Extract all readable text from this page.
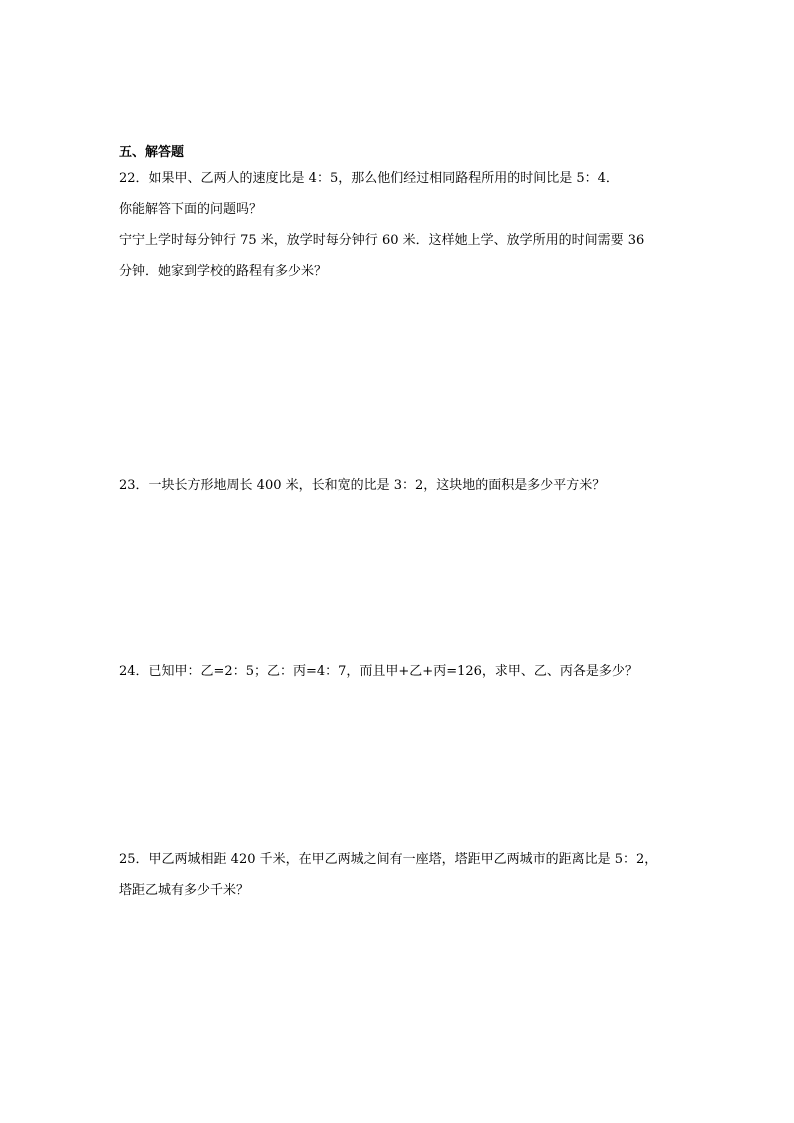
五、解答题
22．如果甲、乙两人的速度比是 4：5，那么他们经过相同路程所用的时间比是 5：4．
你能解答下面的问题吗？
宁宁上学时每分钟行 75 米，放学时每分钟行 60 米．这样她上学、放学所用的时间需要 36
分钟．她家到学校的路程有多少米？
23．一块长方形地周长 400 米，长和宽的比是 3：2，这块地的面积是多少平方米？
24．已知甲：乙=2：5；乙：丙=4：7，而且甲+乙+丙=126，求甲、乙、丙各是多少？
25．甲乙两城相距 420 千米，在甲乙两城之间有一座塔，塔距甲乙两城市的距离比是 5：2，
塔距乙城有多少千米？
